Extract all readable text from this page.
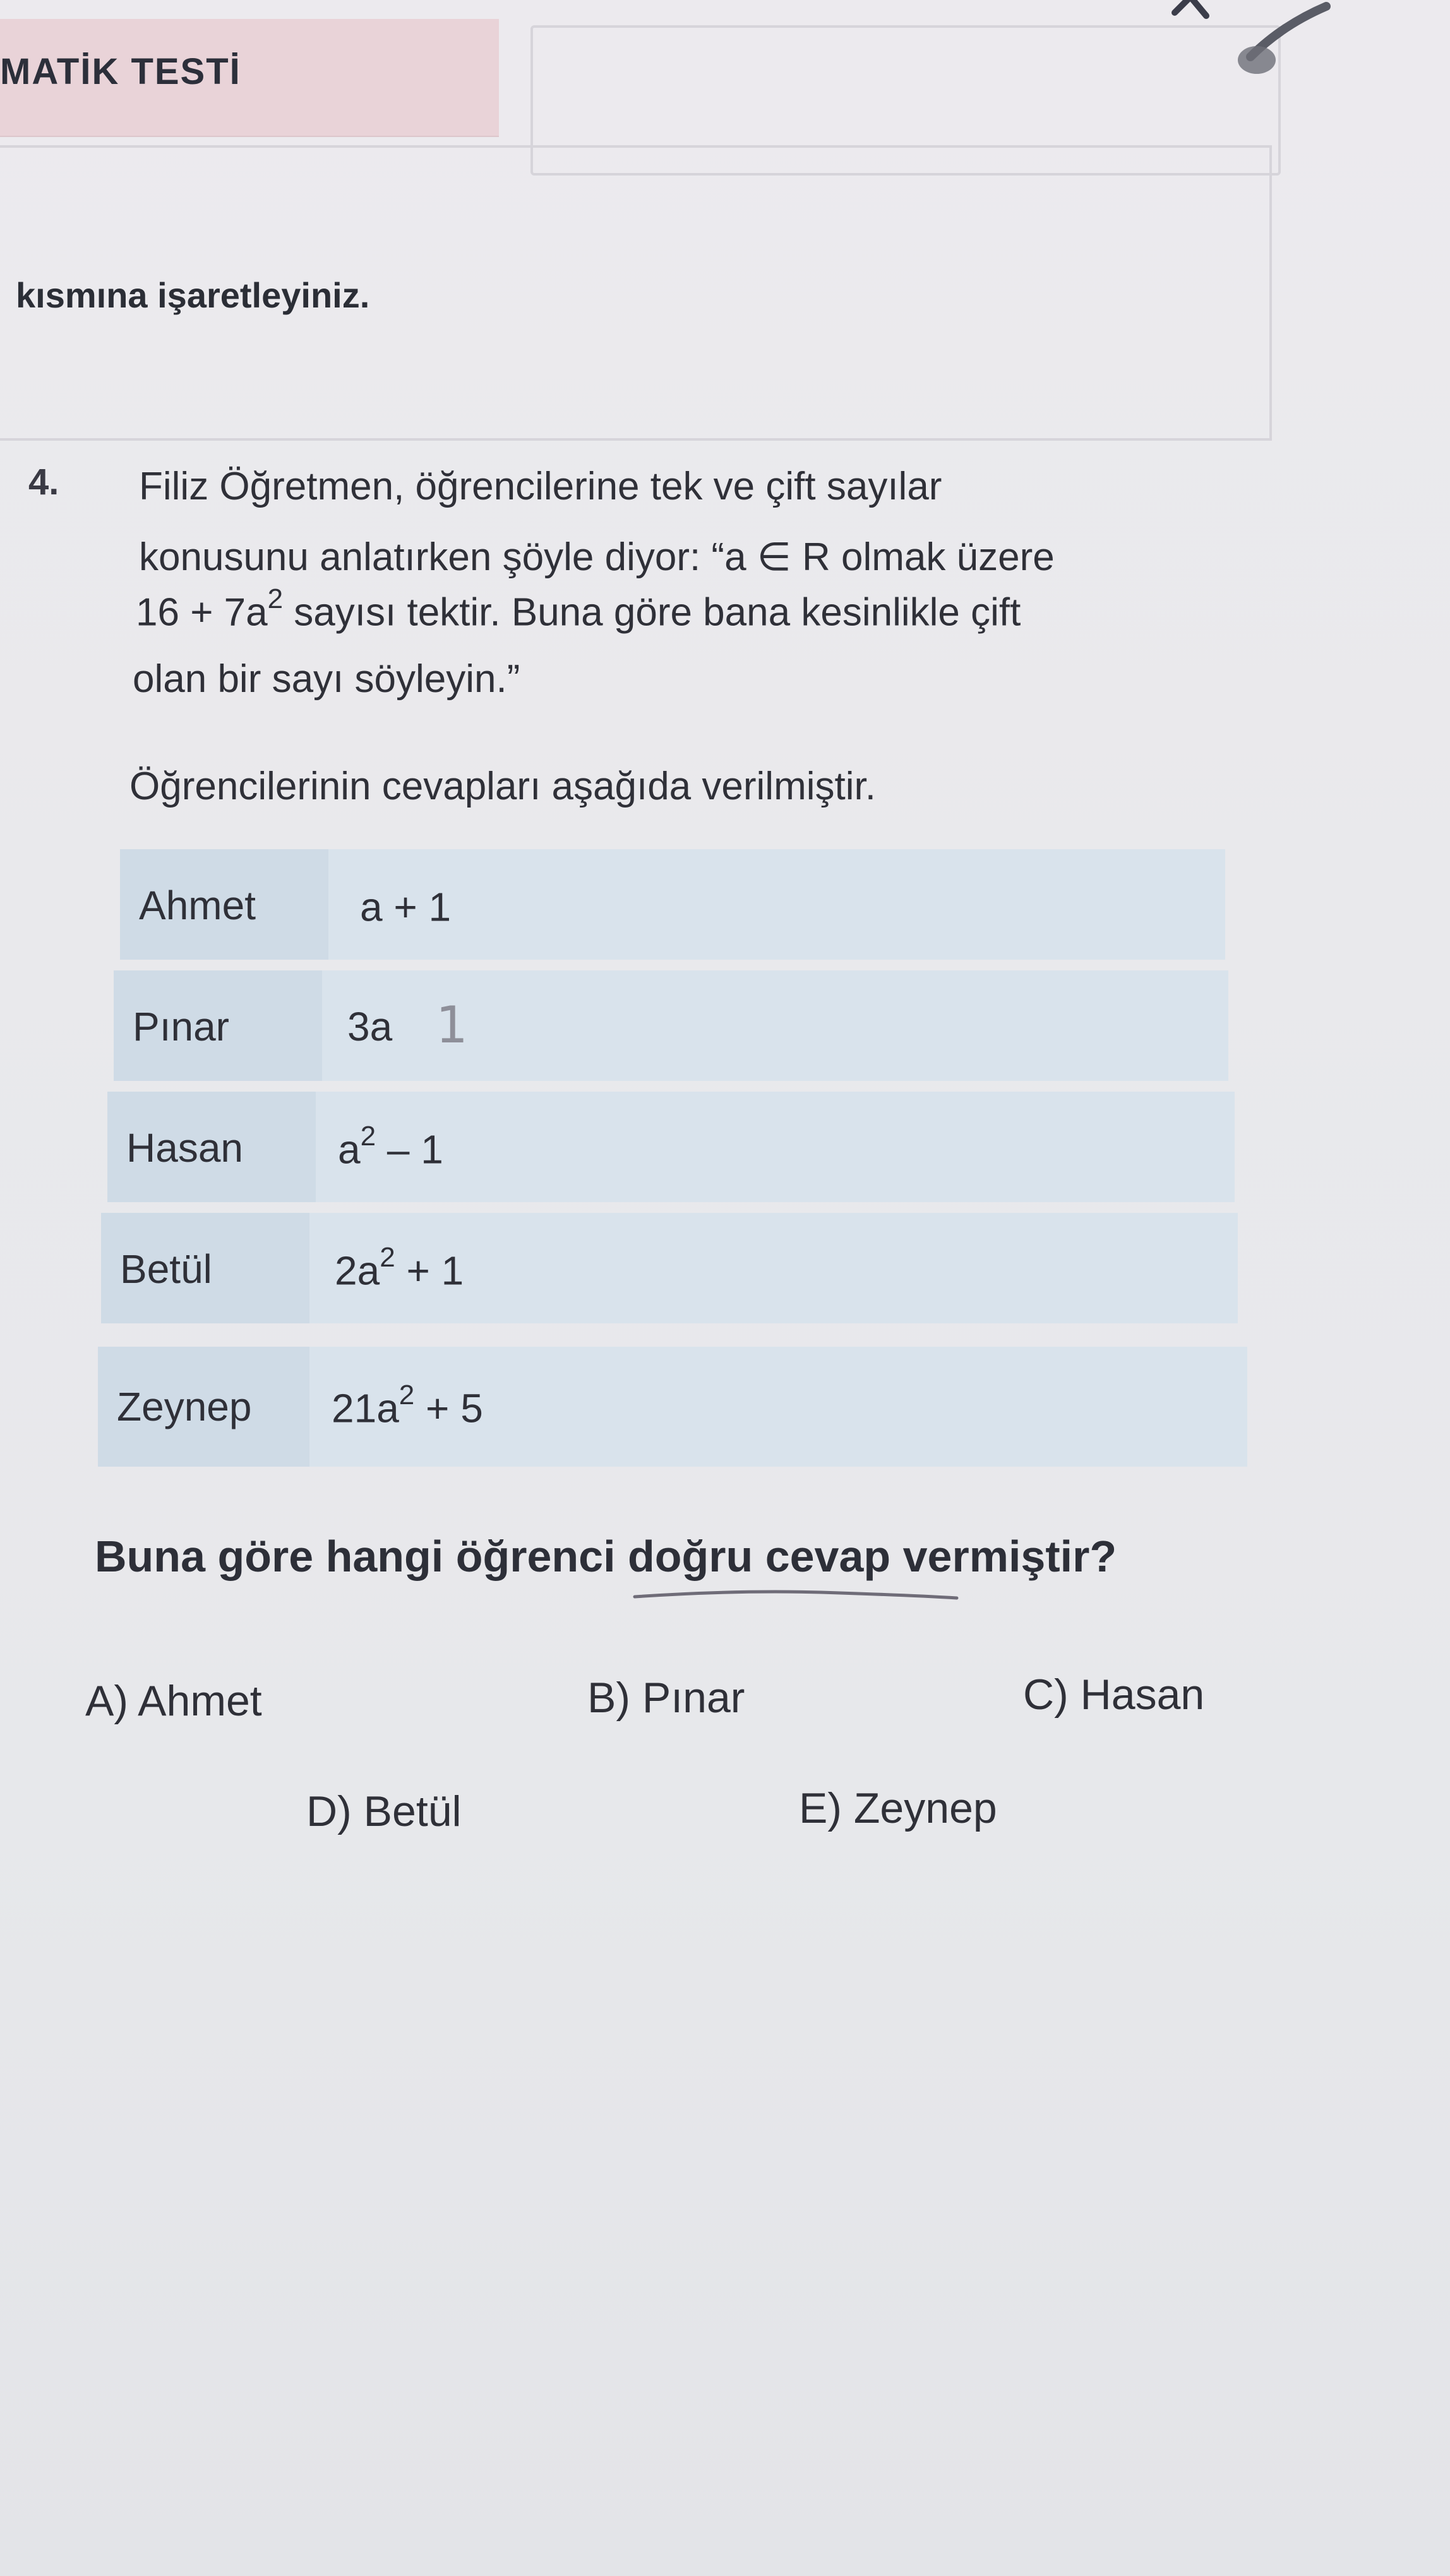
MATİK TESTİ
kısmına işaretleyiniz.
4. Filiz Öğretmen, öğrencilerine tek ve çift sayılar
konusunu anlatırken şöyle diyor: “a ∈ R olmak üzere
$16 + 7a^2$ sayısı tektir. Buna göre bana kesinlikle çift
olan bir sayı söyleyin.”
Öğrencilerinin cevapları aşağıda verilmiştir.
Ahmet	a + 1
Pınar	3a 1
Hasan $a^2 - 1$
Betül	$2a^2 + 1$
Zeynep $21a^2 + 5$
Buna göre hangi öğrenci doğru cevap vermiştir?
A) Ahmet	B) Pınar	C) Hasan
D) Betül	E) Zeynep
